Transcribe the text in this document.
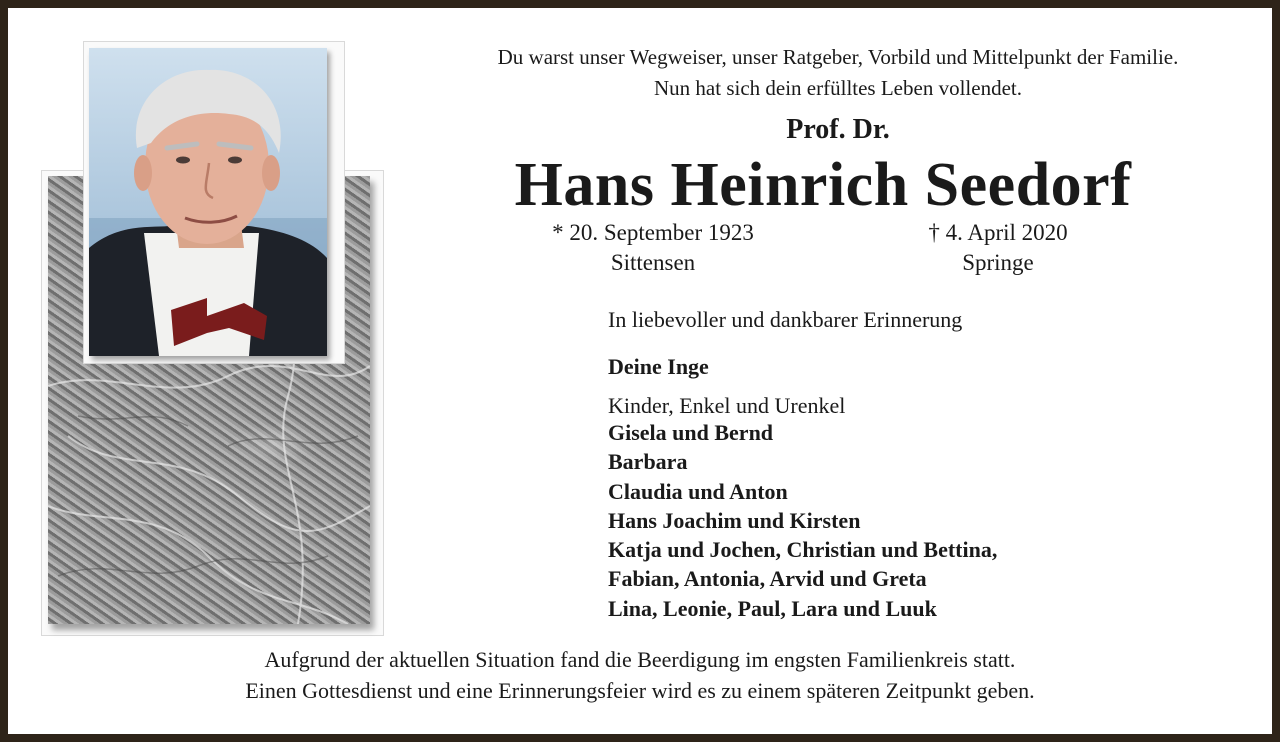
Du warst unser Wegweiser, unser Ratgeber, Vorbild und Mittelpunkt der Familie.
Nun hat sich dein erfülltes Leben vollendet.
Prof. Dr.
Hans Heinrich Seedorf
* 20. September 1923
Sittensen
† 4. April 2020
Springe
In liebevoller und dankbarer Erinnerung
Deine Inge
Kinder, Enkel und Urenkel
Gisela und Bernd
Barbara
Claudia und Anton
Hans Joachim und Kirsten
Katja und Jochen, Christian und Bettina,
Fabian, Antonia, Arvid und Greta
Lina, Leonie, Paul, Lara und Luuk
Aufgrund der aktuellen Situation fand die Beerdigung im engsten Familienkreis statt.
Einen Gottesdienst und eine Erinnerungsfeier wird es zu einem späteren Zeitpunkt geben.
